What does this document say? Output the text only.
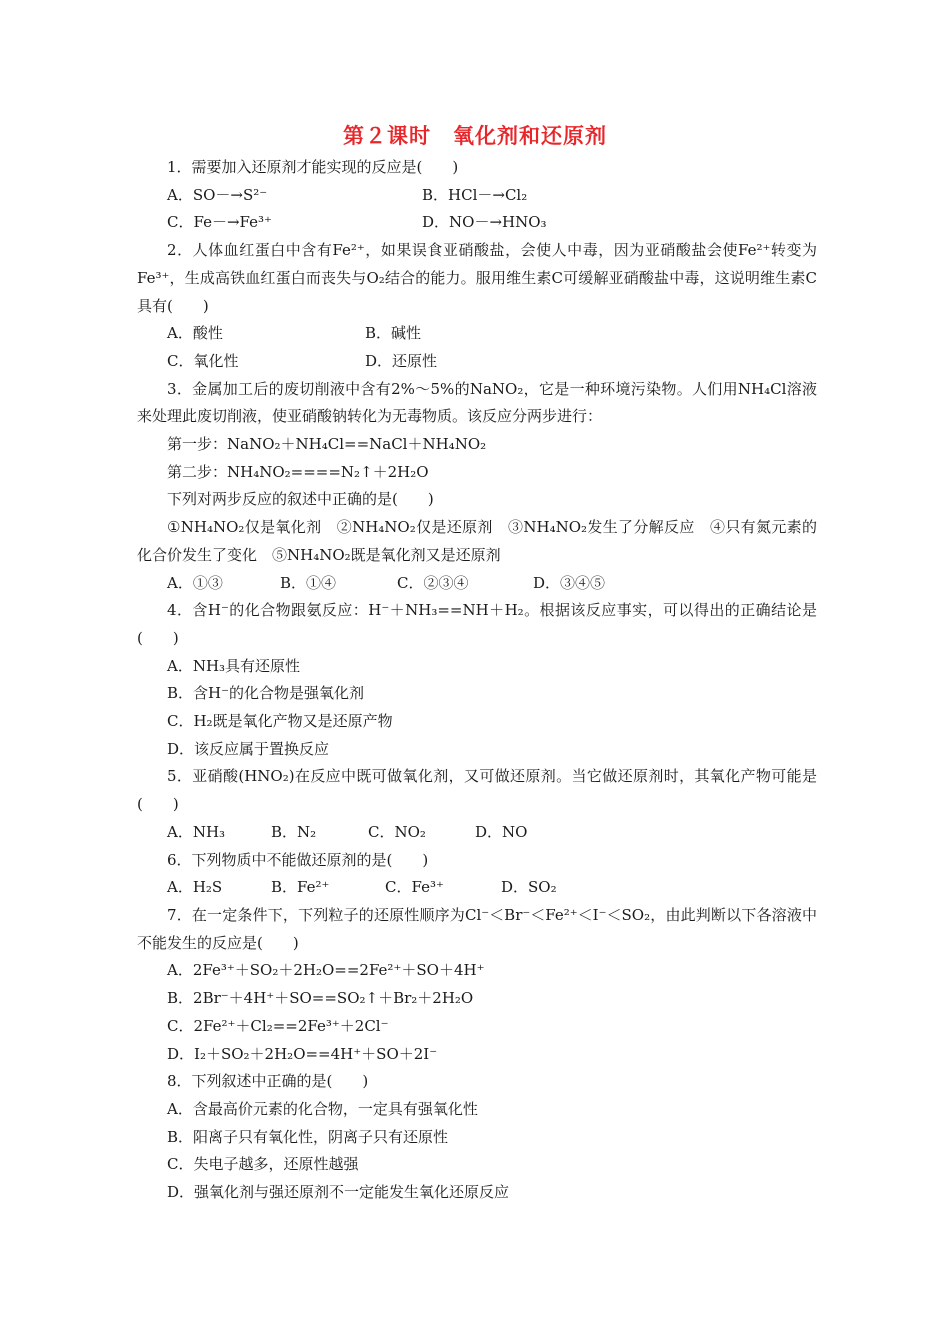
第２课时　氧化剂和还原剂

1．需要加入还原剂才能实现的反应是(　　)

A．SO－→S²⁻	B．HCl－→Cl₂
C．Fe－→Fe³⁺	D．NO－→HNO₃

2．人体血红蛋白中含有Fe²⁺，如果误食亚硝酸盐，会使人中毒，因为亚硝酸盐会使Fe²⁺转变为Fe³⁺，生成高铁血红蛋白而丧失与O₂结合的能力。服用维生素C可缓解亚硝酸盐中毒，这说明维生素C具有(　　)

A．酸性	B．碱性
C．氧化性	D．还原性

3．金属加工后的废切削液中含有2%～5%的NaNO₂，它是一种环境污染物。人们用NH₄Cl溶液来处理此废切削液，使亚硝酸钠转化为无毒物质。该反应分两步进行：

第一步：NaNO₂＋NH₄Cl==NaCl＋NH₄NO₂

第二步：NH₄NO₂====N₂↑＋2H₂O

下列对两步反应的叙述中正确的是(　　)

①NH₄NO₂仅是氧化剂　②NH₄NO₂仅是还原剂　③NH₄NO₂发生了分解反应　④只有氮元素的化合价发生了变化　⑤NH₄NO₂既是氧化剂又是还原剂

A．①③	B．①④	C．②③④	D．③④⑤

4．含H⁻的化合物跟氨反应：H⁻＋NH₃==NH＋H₂。根据该反应事实，可以得出的正确结论是(　　)

A．NH₃具有还原性

B．含H⁻的化合物是强氧化剂

C．H₂既是氧化产物又是还原产物

D．该反应属于置换反应

5．亚硝酸(HNO₂)在反应中既可做氧化剂，又可做还原剂。当它做还原剂时，其氧化产物可能是(　　)

A．NH₃	B．N₂	C．NO₂	D．NO

6．下列物质中不能做还原剂的是(　　)

A．H₂S	B．Fe²⁺	C．Fe³⁺	D．SO₂

7．在一定条件下，下列粒子的还原性顺序为Cl⁻＜Br⁻＜Fe²⁺＜I⁻＜SO₂，由此判断以下各溶液中不能发生的反应是(　　)

A．2Fe³⁺＋SO₂＋2H₂O==2Fe²⁺＋SO＋4H⁺

B．2Br⁻＋4H⁺＋SO==SO₂↑＋Br₂＋2H₂O

C．2Fe²⁺＋Cl₂==2Fe³⁺＋2Cl⁻

D．I₂＋SO₂＋2H₂O==4H⁺＋SO＋2I⁻

8．下列叙述中正确的是(　　)

A．含最高价元素的化合物，一定具有强氧化性

B．阳离子只有氧化性，阴离子只有还原性

C．失电子越多，还原性越强

D．强氧化剂与强还原剂不一定能发生氧化还原反应
